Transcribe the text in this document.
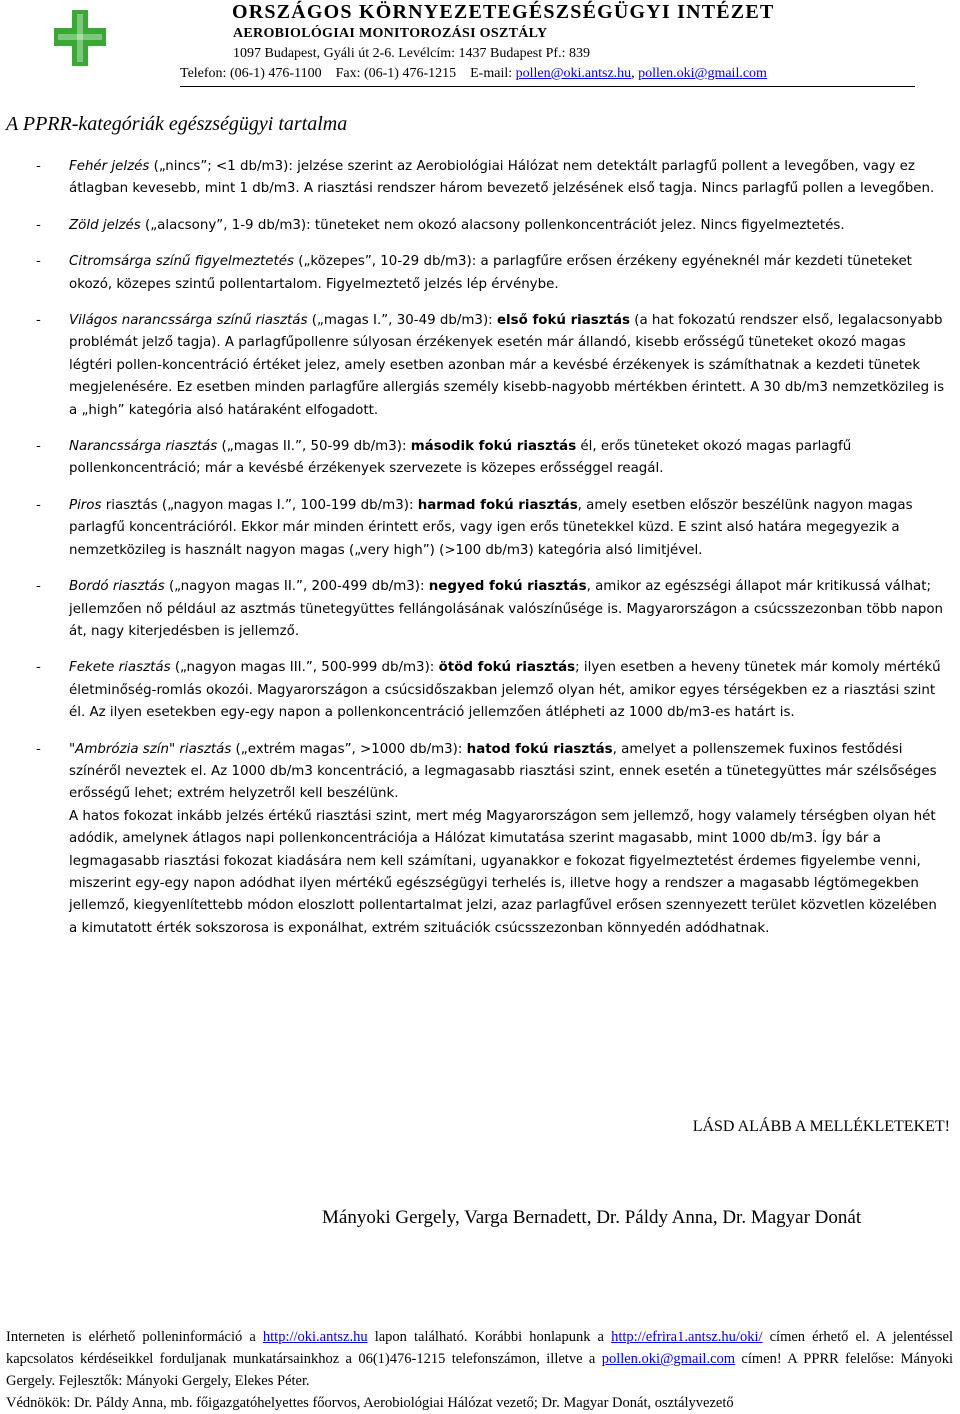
ORSZÁGOS KÖRNYEZETEGÉSZSÉGÜGYI INTÉZET
AEROBIOLÓGIAI MONITOROZÁSI OSZTÁLY
1097 Budapest, Gyáli út 2-6. Levélcím: 1437 Budapest Pf.: 839
Telefon: (06-1) 476-1100 Fax: (06-1) 476-1215 E-mail: pollen@oki.antsz.hu, pollen.oki@gmail.com
A PPRR-kategóriák egészségügyi tartalma
- Fehér jelzés („nincs”; <1 db/m3): jelzése szerint az Aerobiológiai Hálózat nem detektált parlagfű pollent a levegőben, vagy ez átlagban kevesebb, mint 1 db/m3. A riasztási rendszer három bevezető jelzésének első tagja. Nincs parlagfű pollen a levegőben.
- Zöld jelzés („alacsony”, 1-9 db/m3): tüneteket nem okozó alacsony pollenkoncentrációt jelez. Nincs figyelmeztetés.
- Citromsárga színű figyelmeztetés („közepes”, 10-29 db/m3): a parlagfűre erősen érzékeny egyéneknél már kezdeti tüneteket okozó, közepes szintű pollentartalom. Figyelmeztető jelzés lép érvénybe.
- Világos narancssárga színű riasztás („magas I.”, 30-49 db/m3): első fokú riasztás (a hat fokozatú rendszer első, legalacsonyabb problémát jelző tagja). A parlagfűpollenre súlyosan érzékenyek esetén már állandó, kisebb erősségű tüneteket okozó magas légtéri pollen-koncentráció értéket jelez, amely esetben azonban már a kevésbé érzékenyek is számíthatnak a kezdeti tünetek megjelenésére. Ez esetben minden parlagfűre allergiás személy kisebb-nagyobb mértékben érintett. A 30 db/m3 nemzetközileg is a „high” kategória alsó határaként elfogadott.
- Narancssárga riasztás („magas II.”, 50-99 db/m3): második fokú riasztás él, erős tüneteket okozó magas parlagfű pollenkoncentráció; már a kevésbé érzékenyek szervezete is közepes erősséggel reagál.
- Piros riasztás („nagyon magas I.”, 100-199 db/m3): harmad fokú riasztás, amely esetben először beszélünk nagyon magas parlagfű koncentrációról. Ekkor már minden érintett erős, vagy igen erős tünetekkel küzd. E szint alsó határa megegyezik a nemzetközileg is használt nagyon magas („very high”) (>100 db/m3) kategória alsó limitjével.
- Bordó riasztás („nagyon magas II.”, 200-499 db/m3): negyed fokú riasztás, amikor az egészségi állapot már kritikussá válhat; jellemzően nő például az asztmás tünetegyüttes fellángolásának valószínűsége is. Magyarországon a csúcsszezonban több napon át, nagy kiterjedésben is jellemző.
- Fekete riasztás („nagyon magas III.”, 500-999 db/m3): ötöd fokú riasztás; ilyen esetben a heveny tünetek már komoly mértékű életminőség-romlás okozói. Magyarországon a csúcsidőszakban jelemző olyan hét, amikor egyes térségekben ez a riasztási szint él. Az ilyen esetekben egy-egy napon a pollenkoncentráció jellemzően átlépheti az 1000 db/m3-es határt is.
- "Ambrózia szín" riasztás („extrém magas”, >1000 db/m3): hatod fokú riasztás, amelyet a pollenszemek fuxinos festődési színéről neveztek el. Az 1000 db/m3 koncentráció, a legmagasabb riasztási szint, ennek esetén a tünetegyüttes már szélsőséges erősségű lehet; extrém helyzetről kell beszélünk.
A hatos fokozat inkább jelzés értékű riasztási szint, mert még Magyarországon sem jellemző, hogy valamely térségben olyan hét adódik, amelynek átlagos napi pollenkoncentrációja a Hálózat kimutatása szerint magasabb, mint 1000 db/m3. Így bár a legmagasabb riasztási fokozat kiadására nem kell számítani, ugyanakkor e fokozat figyelmeztetést érdemes figyelembe venni, miszerint egy-egy napon adódhat ilyen mértékű egészségügyi terhelés is, illetve hogy a rendszer a magasabb légtömegekben jellemző, kiegyenlítettebb módon eloszlott pollentartalmat jelzi, azaz parlagfűvel erősen szennyezett terület közvetlen közelében a kimutatott érték sokszorosa is exponálhat, extrém szituációk csúcsszezonban könnyedén adódhatnak.
LÁSD ALÁBB A MELLÉKLETEKET!
Mányoki Gergely, Varga Bernadett, Dr. Páldy Anna, Dr. Magyar Donát

Interneten is elérhető polleninformáció a http://oki.antsz.hu lapon található. Korábbi honlapunk a http://efrira1.antsz.hu/oki/ címen érhető el. A jelentéssel kapcsolatos kérdéseikkel forduljanak munkatársainkhoz a 06(1)476-1215 telefonszámon, illetve a pollen.oki@gmail.com címen! A PPRR felelőse: Mányoki Gergely. Fejlesztők: Mányoki Gergely, Elekes Péter.

Védnökök: Dr. Páldy Anna, mb. főigazgatóhelyettes főorvos, Aerobiológiai Hálózat vezető; Dr. Magyar Donát, osztályvezető
